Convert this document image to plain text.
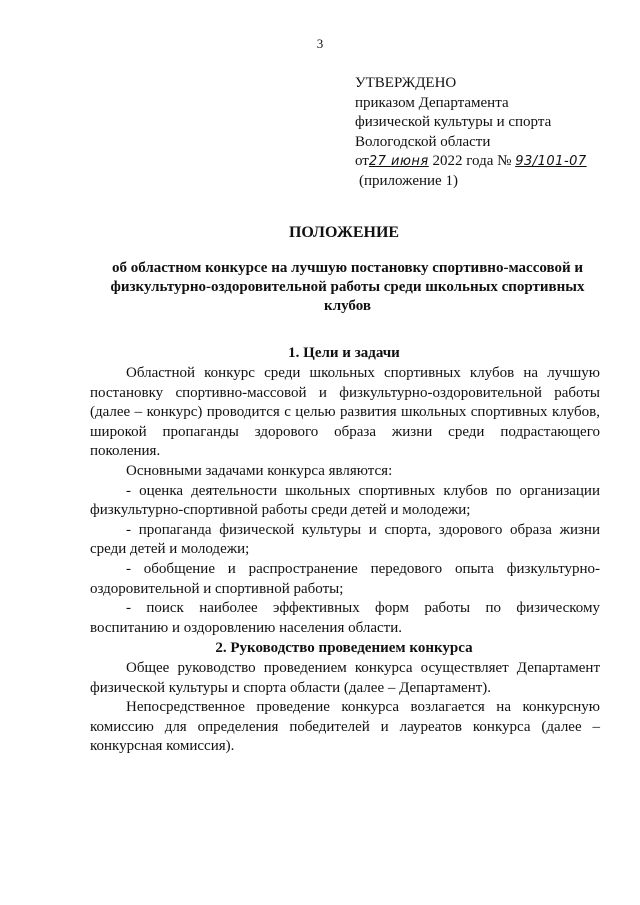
3
УТВЕРЖДЕНО
приказом Департамента
физической культуры и спорта
Вологодской области
от27 июня 2022 года № 93/101-07
(приложение 1)
ПОЛОЖЕНИЕ
об областном конкурсе на лучшую постановку спортивно-массовой и физкультурно-оздоровительной работы среди школьных спортивных клубов
1. Цели и задачи

Областной конкурс среди школьных спортивных клубов на лучшую постановку спортивно-массовой и физкультурно-оздоровительной работы (далее – конкурс) проводится с целью развития школьных спортивных клубов, широкой пропаганды здорового образа жизни среди подрастающего поколения.

Основными задачами конкурса являются:

- оценка деятельности школьных спортивных клубов по организации физкультурно-спортивной работы среди детей и молодежи;

- пропаганда физической культуры и спорта, здорового образа жизни среди детей и молодежи;

- обобщение и распространение передового опыта физкультурно-оздоровительной и спортивной работы;

- поиск наиболее эффективных форм работы по физическому воспитанию и оздоровлению населения области.

2. Руководство проведением конкурса

Общее руководство проведением конкурса осуществляет Департамент физической культуры и спорта области (далее – Департамент).

Непосредственное проведение конкурса возлагается на конкурсную комиссию для определения победителей и лауреатов конкурса (далее – конкурсная комиссия).
